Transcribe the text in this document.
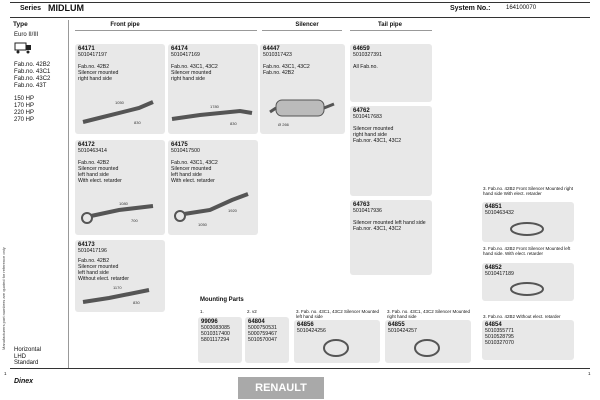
Series MIDLUM	System No.:	164100070
Manufacturers part numbers are quoted for reference only
Type
Euro II/III
Fab.no. 42B2
Fab.no. 43C1
Fab.no. 43C2
Fab.no. 43T
150 HP
170 HP
220 HP
270 HP
Horizontal
LHD
Standard
Front pipe	Silencer	Tail pipe
64171
5010417197
Fab.no. 42B2
Silencer mounted
right hand side
1050
830
64174
5010417169
Fab.no. 43C1, 43C2
Silencer mounted
right hand side
1780
830
64447
5010317423
Fab.no. 43C1, 43C2
Fab.no. 42B2
Ø 266
64659
5010327391
All Fab.no.
64762
5010417683
Silencer mounted
right hand side
Fab.nor. 43C1, 43C2
64172
5010463414
Fab.no. 42B2
Silencer mounted
left hand side
With elect. retarder
1080
700
64175
5010417500
Fab.no. 43C1, 43C2
Silencer mounted
left hand side
With elect. retarder
1920
1050
64763
5010417936
Silencer mounted left hand side
Fab.nor. 43C1, 43C2
64173
5010417196
Fab.no. 42B2
Silencer mounted
left hand side
Without elect. retarder
1170
830
3. Fab.no. 42B2 Front Silencer Mounted right hand side With elect. retarder
64851
5010463432
3. Fab.no. 42B2 Front Silencer Mounted left hand side. With elect. retarder
64852
5010417189
3. Fab.no. 42B2 Without elect. retarder
64854
5010355771
5010528795
5010327070
Mounting Parts
1.
99096
5003083085
5010317400
5801117294
2. v2
64804
5000750531
5000759467
5010570047
3. Fab. no. 43C1, 43C2 Silencer Mounted left hand side
64856
5010424256
3. Fab. no. 43C1, 43C2 Silencer Mounted right hand side
64855
5010424257
1
Dinex
RENAULT
1
